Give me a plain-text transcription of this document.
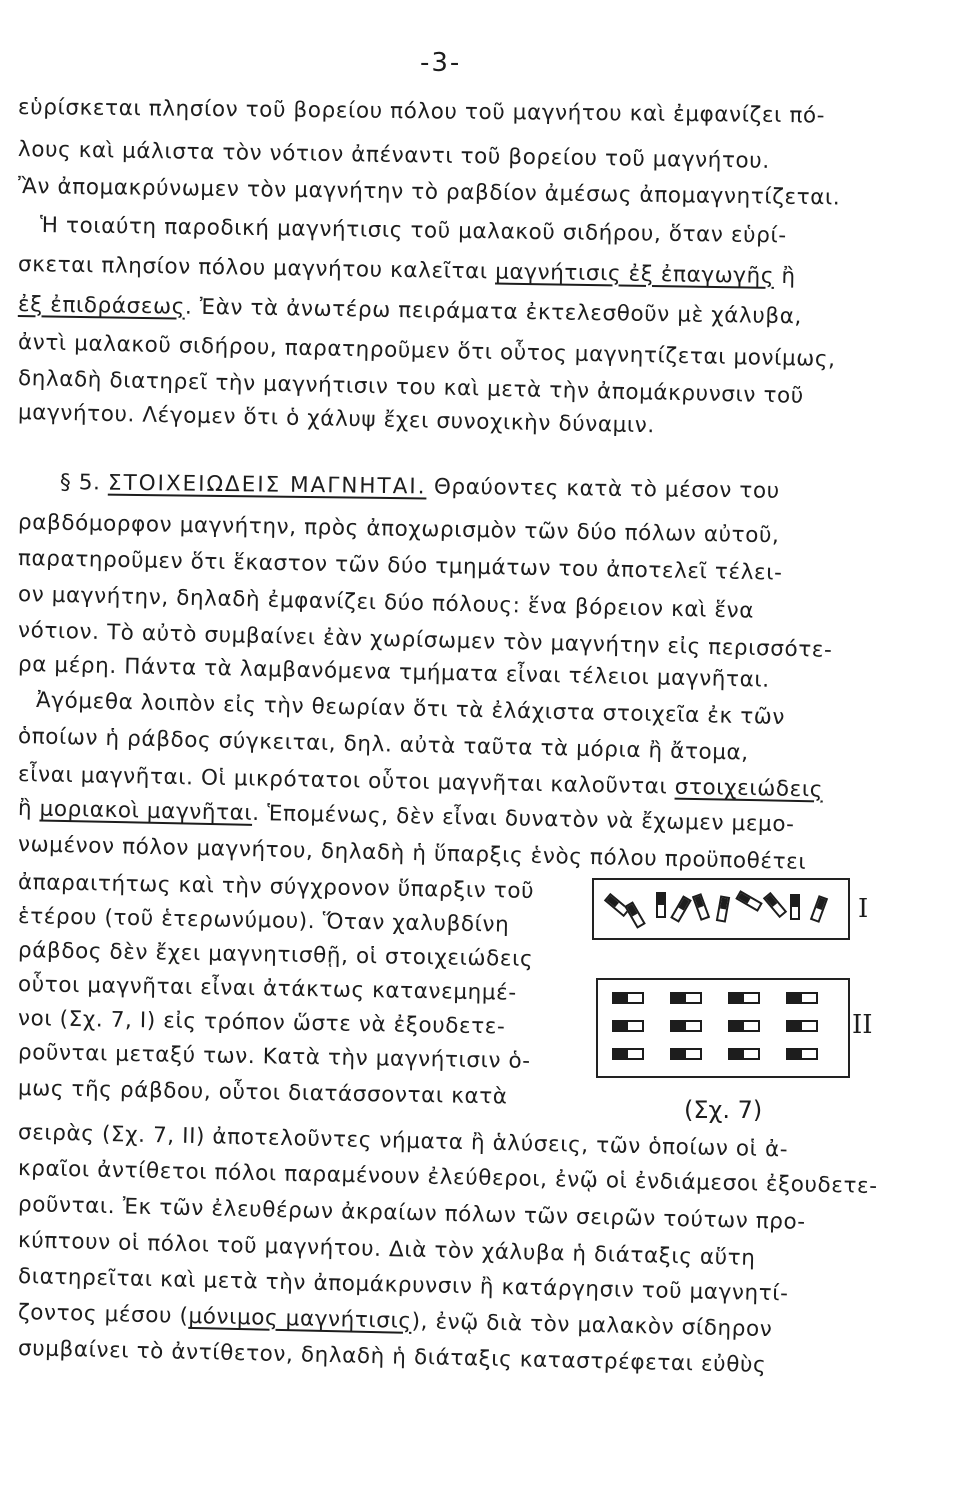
-3-
εὑρίσκεται πλησίον τοῦ βορείου πόλου τοῦ μαγνήτου καὶ ἐμφανίζει πό-
λους καὶ μάλιστα τὸν νότιον ἀπέναντι τοῦ βορείου τοῦ μαγνήτου.
Ἂν ἀπομακρύνωμεν τὸν μαγνήτην τὸ ραβδίον ἀμέσως ἀπομαγνητίζεται.
Ἡ τοιαύτη παροδική μαγνήτισις τοῦ μαλακοῦ σιδήρου, ὅταν εὑρί-
σκεται πλησίον πόλου μαγνήτου καλεῖται μαγνήτισις ἐξ ἐπαγωγῆς ἢ
ἐξ ἐπιδράσεως. Ἐὰν τὰ ἀνωτέρω πειράματα ἐκτελεσθοῦν μὲ χάλυβα,
ἀντὶ μαλακοῦ σιδήρου, παρατηροῦμεν ὅτι οὗτος μαγνητίζεται μονίμως,
δηλαδὴ διατηρεῖ τὴν μαγνήτισιν του καὶ μετὰ τὴν ἀπομάκρυνσιν τοῦ
μαγνήτου. Λέγομεν ὅτι ὁ χάλυψ ἔχει συνοχικὴν δύναμιν.
§ 5. ΣΤΟΙΧΕΙΩΔΕΙΣ ΜΑΓΝΗΤΑΙ. Θραύοντες κατὰ τὸ μέσον του
ραβδόμορφον μαγνήτην, πρὸς ἀποχωρισμὸν τῶν δύο πόλων αὐτοῦ,
παρατηροῦμεν ὅτι ἕκαστον τῶν δύο τμημάτων του ἀποτελεῖ τέλει-
ον μαγνήτην, δηλαδὴ ἐμφανίζει δύο πόλους: ἕνα βόρειον καὶ ἕνα
νότιον. Τὸ αὐτὸ συμβαίνει ἐὰν χωρίσωμεν τὸν μαγνήτην εἰς περισσότε-
ρα μέρη. Πάντα τὰ λαμβανόμενα τμήματα εἶναι τέλειοι μαγνῆται.
Ἀγόμεθα λοιπὸν εἰς τὴν θεωρίαν ὅτι τὰ ἐλάχιστα στοιχεῖα ἐκ τῶν
ὁποίων ἡ ράβδος σύγκειται, δηλ. αὐτὰ ταῦτα τὰ μόρια ἢ ἄτομα,
εἶναι μαγνῆται. Οἱ μικρότατοι οὗτοι μαγνῆται καλοῦνται στοιχειώδεις
ἢ μοριακοὶ μαγνῆται. Ἑπομένως, δὲν εἶναι δυνατὸν νὰ ἔχωμεν μεμο-
νωμένον πόλον μαγνήτου, δηλαδὴ ἡ ὕπαρξις ἑνὸς πόλου προϋποθέτει
ἀπαραιτήτως καὶ τὴν σύγχρονον ὕπαρξιν τοῦ
ἑτέρου (τοῦ ἑτερωνύμου). Ὅταν χαλυβδίνη
ράβδος δὲν ἔχει μαγνητισθῇ, οἱ στοιχειώδεις
οὗτοι μαγνῆται εἶναι ἀτάκτως κατανεμημέ-
νοι (Σχ. 7, Ι) εἰς τρόπον ὥστε νὰ ἐξουδετε-
ροῦνται μεταξύ των. Κατὰ τὴν μαγνήτισιν ὁ-
μως τῆς ράβδου, οὗτοι διατάσσονται κατὰ
Ι
ΙΙ
(Σχ. 7)
σειρὰς (Σχ. 7, ΙΙ) ἀποτελοῦντες νήματα ἢ ἁλύσεις, τῶν ὁποίων οἱ ἀ-
κραῖοι ἀντίθετοι πόλοι παραμένουν ἐλεύθεροι, ἐνῷ οἱ ἐνδιάμεσοι ἐξουδετε-
ροῦνται. Ἐκ τῶν ἐλευθέρων ἀκραίων πόλων τῶν σειρῶν τούτων προ-
κύπτουν οἱ πόλοι τοῦ μαγνήτου. Διὰ τὸν χάλυβα ἡ διάταξις αὕτη
διατηρεῖται καὶ μετὰ τὴν ἀπομάκρυνσιν ἢ κατάργησιν τοῦ μαγνητί-
ζοντος μέσου (μόνιμος μαγνήτισις), ἐνῷ διὰ τὸν μαλακὸν σίδηρον
συμβαίνει τὸ ἀντίθετον, δηλαδὴ ἡ διάταξις καταστρέφεται εὐθὺς
